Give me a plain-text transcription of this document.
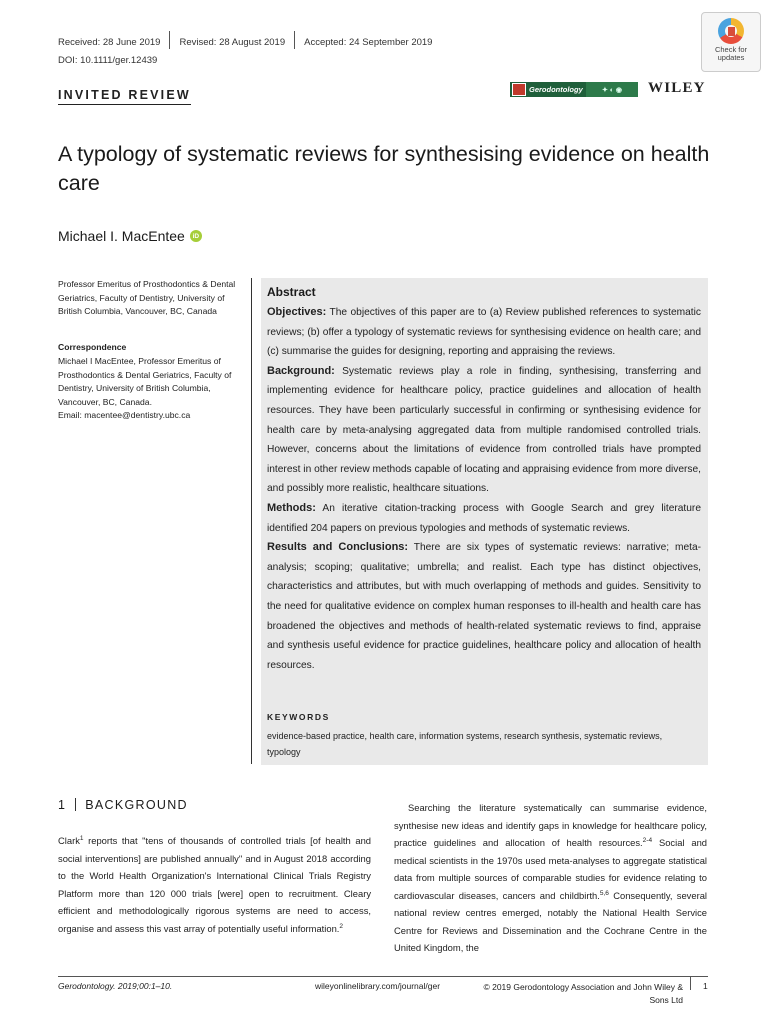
Received: 28 June 2019	Revised: 28 August 2019	Accepted: 24 September 2019
DOI: 10.1111/ger.12439
INVITED REVIEW	Gerodontology	✦ ◐ ◉	WILEY
Check for updates
A typology of systematic reviews for synthesising evidence on health care
Michael I. MacEntee	iD
Professor Emeritus of Prosthodontics & Dental Geriatrics, Faculty of Dentistry, University of British Columbia, Vancouver, BC, Canada
Correspondence
Michael I MacEntee, Professor Emeritus of Prosthodontics & Dental Geriatrics, Faculty of Dentistry, University of British Columbia, Vancouver, BC, Canada.
Email: macentee@dentistry.ubc.ca
Abstract
Objectives: The objectives of this paper are to (a) Review published references to systematic reviews; (b) offer a typology of systematic reviews for synthesising evidence on health care; and (c) summarise the guides for designing, reporting and appraising the reviews.
Background: Systematic reviews play a role in finding, synthesising, transferring and implementing evidence for healthcare policy, practice guidelines and allocation of health resources. They have been particularly successful in confirming or synthesising evidence for health care by meta-analysing aggregated data from multiple randomised controlled trials. However, concerns about the limitations of evidence from controlled trials have prompted interest in other review methods capable of locating and appraising evidence from more diverse, and possibly more realistic, healthcare situations.
Methods: An iterative citation-tracking process with Google Search and grey literature identified 204 papers on previous typologies and methods of systematic reviews.
Results and Conclusions: There are six types of systematic reviews: narrative; meta-analysis; scoping; qualitative; umbrella; and realist. Each type has distinct objectives, characteristics and attributes, but with much overlapping of methods and guides. Sensitivity to the need for qualitative evidence on complex human responses to ill-health and health care has broadened the objectives and methods of health-related systematic reviews to find, appraise and synthesis useful evidence for practice guidelines, healthcare policy and allocation of health resources.
KEYWORDS
evidence-based practice, health care, information systems, research synthesis, systematic reviews, typology
1 BACKGROUND
Clark$^1$ reports that "tens of thousands of controlled trials [of health and social interventions] are published annually" and in August 2018 according to the World Health Organization's International Clinical Trials Registry Platform more than 120 000 trials [were] open to recruitment. Cleary efficient and methodologically rigorous systems are need to access, organise and assess this vast array of potentially useful information.$^2$
Searching the literature systematically can summarise evidence, synthesise new ideas and identify gaps in knowledge for healthcare policy, practice guidelines and allocation of health resources.$^{2-4}$ Social and medical scientists in the 1970s used meta-analyses to aggregate statistical data from multiple sources of comparable studies for evidence relating to cardiovascular diseases, cancers and childbirth.$^{5,6}$ Consequently, several national review centres emerged, notably the National Health Service Centre for Reviews and Dissemination and the Cochrane Centre in the United Kingdom, the
Gerodontology. 2019;00:1–10.	wileyonlinelibrary.com/journal/ger	© 2019 Gerodontology Association and John Wiley & Sons Ltd
1
